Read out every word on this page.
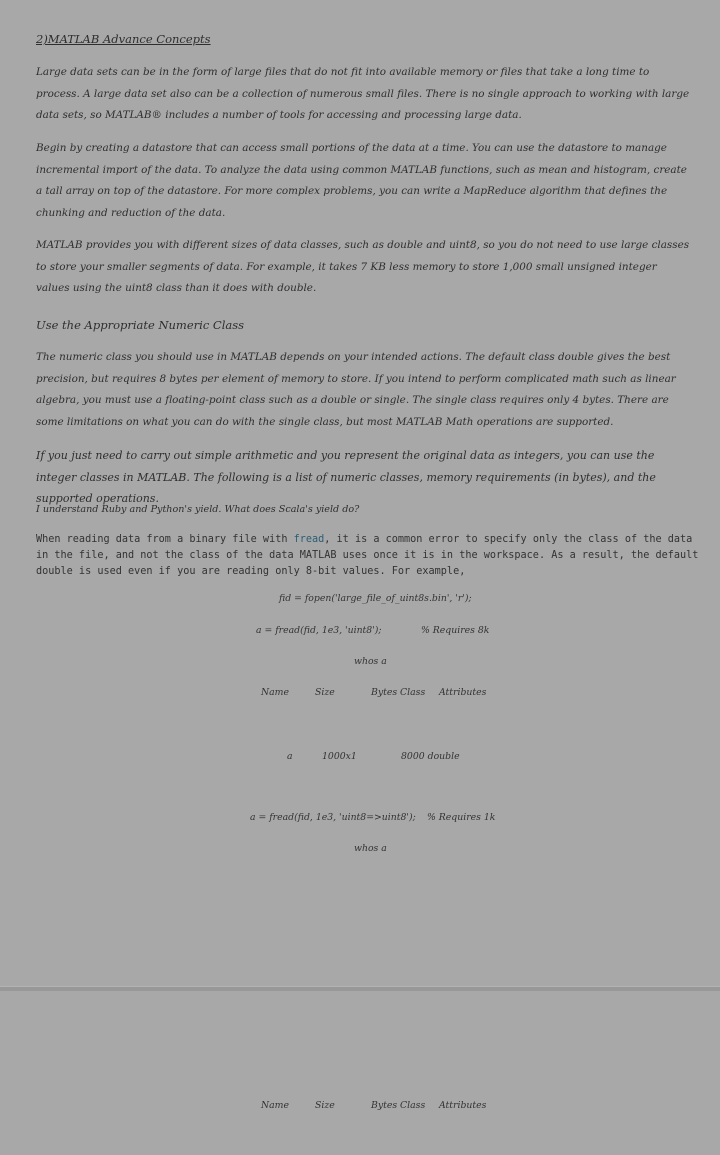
2)MATLAB Advance Concepts

Large data sets can be in the form of large files that do not fit into available memory or files that take a long time to process. A large data set also can be a collection of numerous small files. There is no single approach to working with large data sets, so MATLAB® includes a number of tools for accessing and processing large data.

Begin by creating a datastore that can access small portions of the data at a time. You can use the datastore to manage incremental import of the data. To analyze the data using common MATLAB functions, such as mean and histogram, create a tall array on top of the datastore. For more complex problems, you can write a MapReduce algorithm that defines the chunking and reduction of the data.

MATLAB provides you with different sizes of data classes, such as double and uint8, so you do not need to use large classes to store your smaller segments of data. For example, it takes 7 KB less memory to store 1,000 small unsigned integer values using the uint8 class than it does with double.

Use the Appropriate Numeric Class

The numeric class you should use in MATLAB depends on your intended actions. The default class double gives the best precision, but requires 8 bytes per element of memory to store. If you intend to perform complicated math such as linear algebra, you must use a floating-point class such as a double or single. The single class requires only 4 bytes. There are some limitations on what you can do with the single class, but most MATLAB Math operations are supported.

If you just need to carry out simple arithmetic and you represent the original data as integers, you can use the integer classes in MATLAB. The following is a list of numeric classes, memory requirements (in bytes), and the supported operations.

I understand Ruby and Python's yield. What does Scala's yield do?

When reading data from a binary file with fread, it is a common error to specify only the class of the data in the file, and not the class of the data MATLAB uses once it is in the workspace. As a result, the default double is used even if you are reading only 8-bit values. For example,

fid = fopen('large_file_of_uint8s.bin', 'r');
a = fread(fid, 1e3, 'uint8');	% Requires 8k
whos a
Name	Size	Bytes Class Attributes
a	1000x1	8000 double
a = fread(fid, 1e3, 'uint8=>uint8'); % Requires 1k
whos a
Name	Size	Bytes Class Attributes
